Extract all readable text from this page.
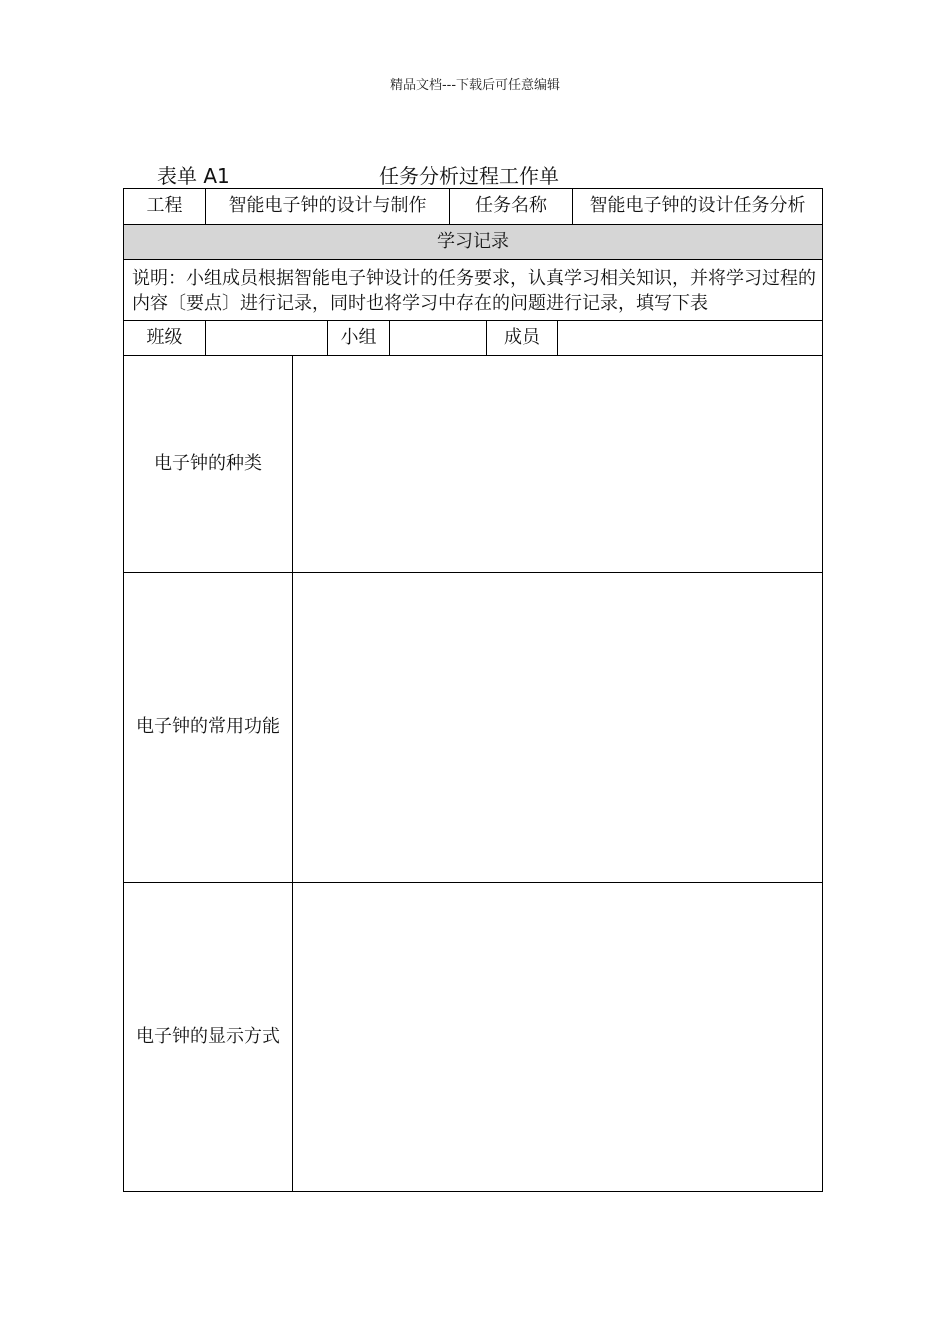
精品文档---下载后可任意编辑
表单 A1	任务分析过程工作单
工程	智能电子钟的设计与制作	任务名称	智能电子钟的设计任务分析
学习记录
说明：小组成员根据智能电子钟设计的任务要求，认真学习相关知识，并将学习过程的内容〔要点〕进行记录，同时也将学习中存在的问题进行记录，填写下表
班级	小组	成员
电子钟的种类
电子钟的常用功能
电子钟的显示方式
